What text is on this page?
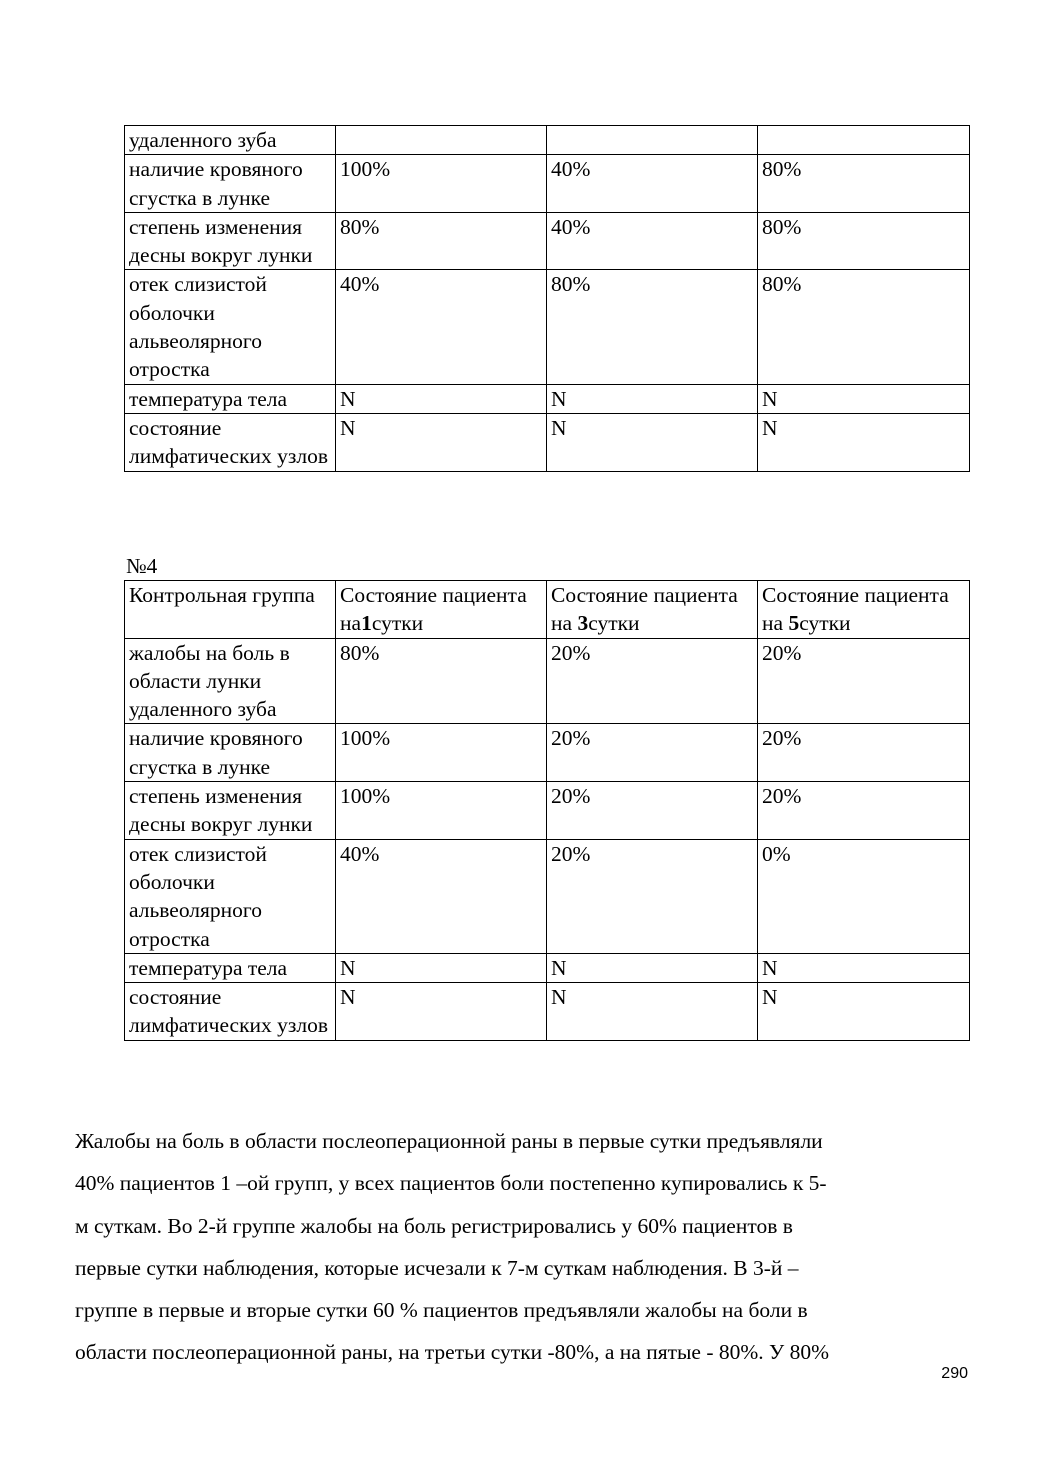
удаленного зуба			
наличие кровяного сгустка в лунке	100%	40%	80%
степень изменения десны вокруг лунки	80%	40%	80%
отек слизистой оболочки альвеолярного отростка	40%	80%	80%
температура тела	N	N	N
состояние лимфатических узлов	N	N	N
№4
Контрольная группа	Состояние пациента на1сутки	Состояние пациента на 3сутки	Состояние пациента на 5сутки
жалобы на боль в области лунки удаленного зуба	80%	20%	20%
наличие кровяного сгустка в лунке	100%	20%	20%
степень изменения десны вокруг лунки	100%	20%	20%
отек слизистой оболочки альвеолярного отростка	40%	20%	0%
температура тела	N	N	N
состояние лимфатических узлов	N	N	N

Жалобы на боль в области послеоперационной раны в первые сутки предъявляли

40% пациентов 1 –ой групп, у всех пациентов боли постепенно купировались к 5-

м суткам. Во 2-й группе жалобы на боль регистрировались у 60% пациентов в

первые сутки наблюдения, которые исчезали к 7-м суткам наблюдения. В 3-й –

группе в первые и вторые сутки 60 % пациентов предъявляли жалобы на боли в

области послеоперационной раны, на третьи сутки -80%, а на пятые - 80%. У 80%

290
